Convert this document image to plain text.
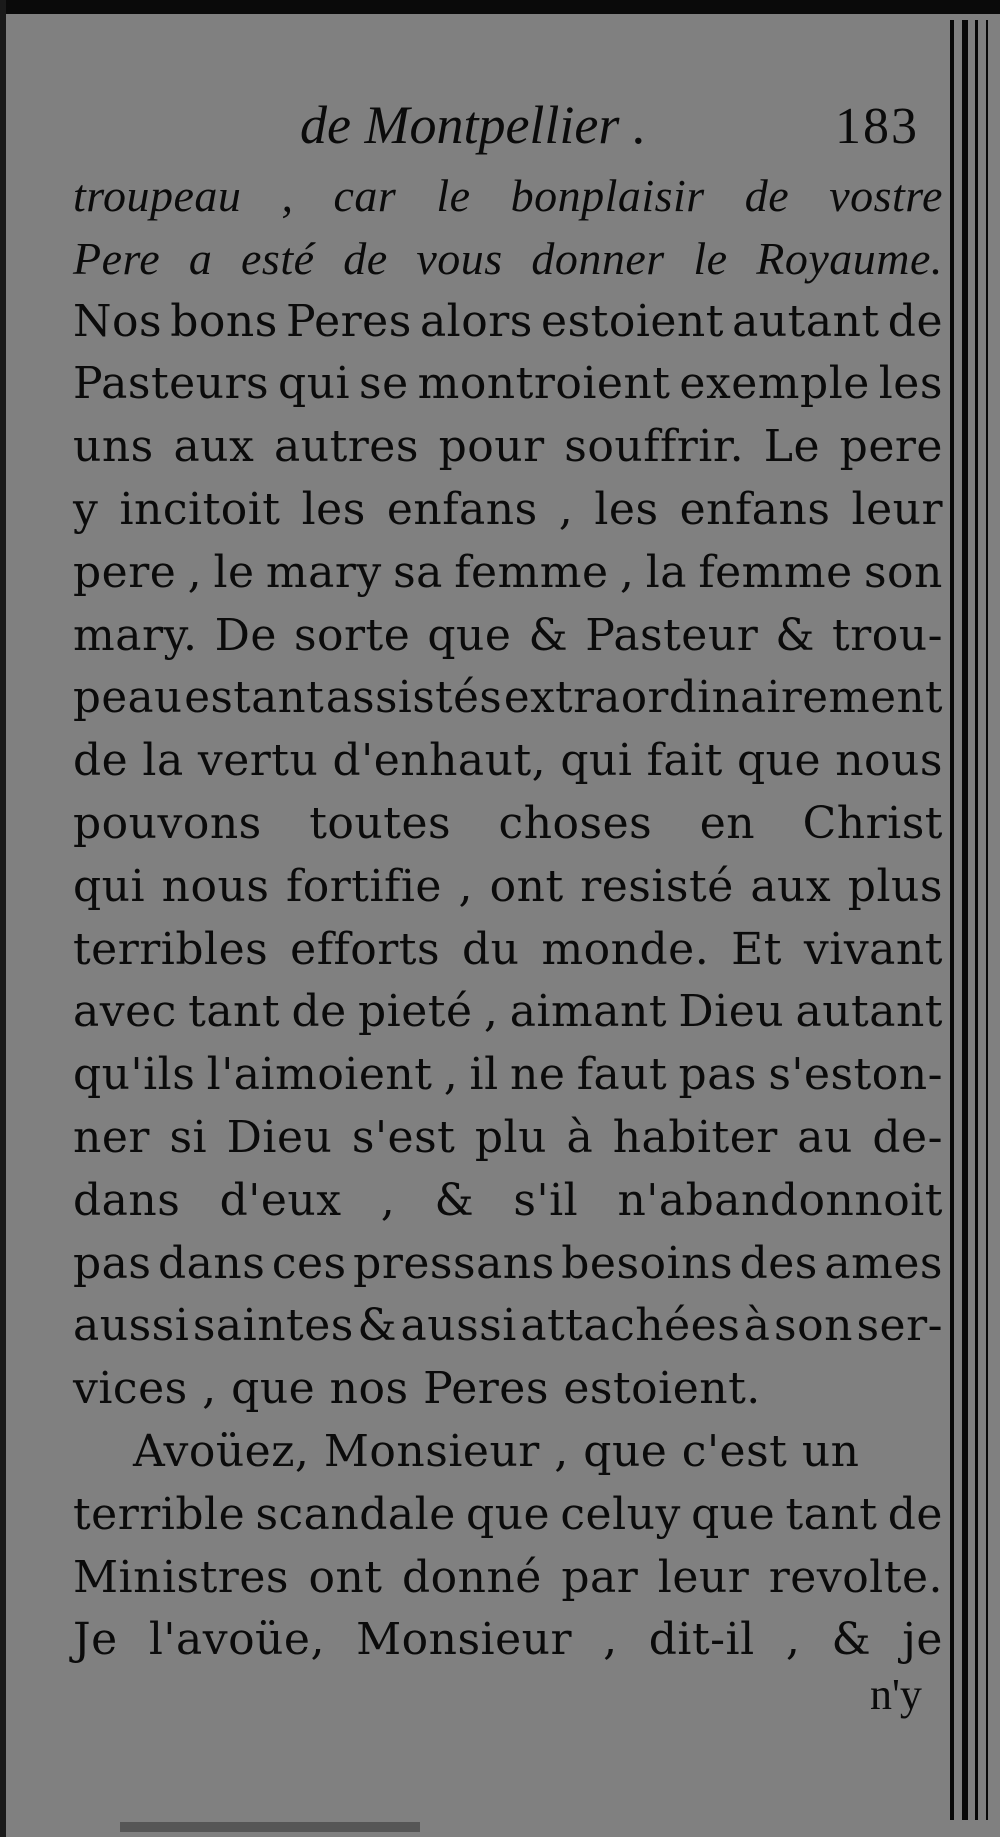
de Montpellier .	183
troupeau , car le bonplaisir de vostre
Pere a esté de vous donner le Royaume.
Nos bons Peres alors estoient autant de
Pasteurs qui se montroient exemple les
uns aux autres pour souffrir. Le pere
y incitoit les enfans , les enfans leur
pere , le mary sa femme , la femme son
mary. De sorte que & Pasteur & trou-
peau estant assistés extraordinairement
de la vertu d'enhaut, qui fait que nous
pouvons toutes choses en Christ
qui nous fortifie , ont resisté aux plus
terribles efforts du monde. Et vivant
avec tant de pieté , aimant Dieu autant
qu'ils l'aimoient , il ne faut pas s'eston-
ner si Dieu s'est plu à habiter au de-
dans d'eux , & s'il n'abandonnoit
pas dans ces pressans besoins des ames
aussi saintes & aussi attachées à son ser-
vices , que nos Peres estoient.
Avoüez, Monsieur , que c'est un
terrible scandale que celuy que tant de
Ministres ont donné par leur revolte.
Je l'avoüe, Monsieur , dit-il , & je
n'y
